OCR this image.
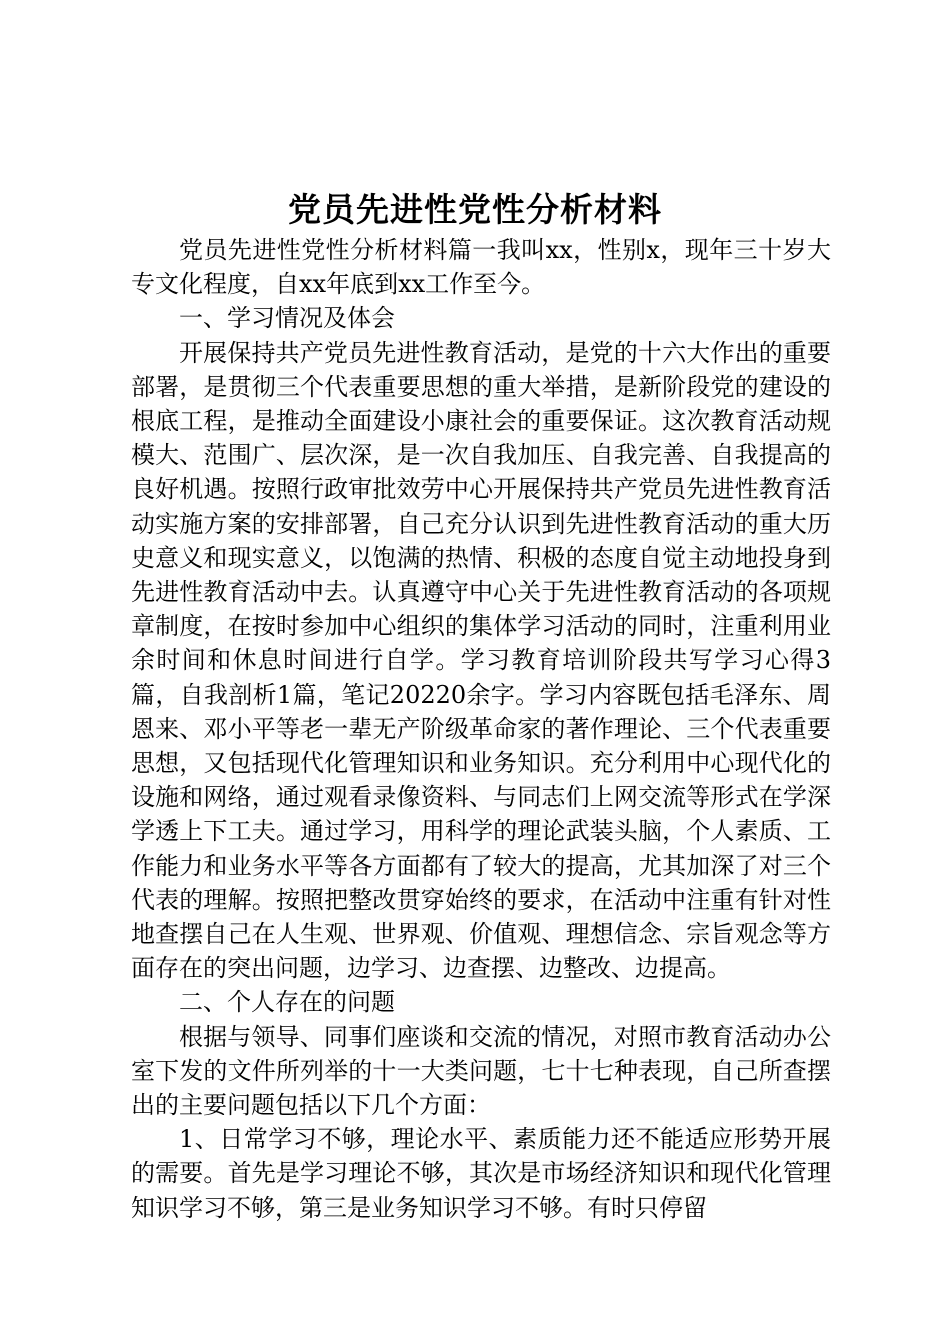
党员先进性党性分析材料

党员先进性党性分析材料篇一我叫xx，性别x，现年三十岁大专文化程度，自xx年底到xx工作至今。

一、学习情况及体会

开展保持共产党员先进性教育活动，是党的十六大作出的重要部署，是贯彻三个代表重要思想的重大举措，是新阶段党的建设的根底工程，是推动全面建设小康社会的重要保证。这次教育活动规模大、范围广、层次深，是一次自我加压、自我完善、自我提高的良好机遇。按照行政审批效劳中心开展保持共产党员先进性教育活动实施方案的安排部署，自己充分认识到先进性教育活动的重大历史意义和现实意义，以饱满的热情、积极的态度自觉主动地投身到先进性教育活动中去。认真遵守中心关于先进性教育活动的各项规章制度，在按时参加中心组织的集体学习活动的同时，注重利用业余时间和休息时间进行自学。学习教育培训阶段共写学习心得3篇，自我剖析1篇，笔记20220余字。学习内容既包括毛泽东、周恩来、邓小平等老一辈无产阶级革命家的著作理论、三个代表重要思想，又包括现代化管理知识和业务知识。充分利用中心现代化的设施和网络，通过观看录像资料、与同志们上网交流等形式在学深学透上下工夫。通过学习，用科学的理论武装头脑，个人素质、工作能力和业务水平等各方面都有了较大的提高，尤其加深了对三个代表的理解。按照把整改贯穿始终的要求，在活动中注重有针对性地查摆自己在人生观、世界观、价值观、理想信念、宗旨观念等方面存在的突出问题，边学习、边查摆、边整改、边提高。

二、个人存在的问题

根据与领导、同事们座谈和交流的情况，对照市教育活动办公室下发的文件所列举的十一大类问题，七十七种表现，自己所查摆出的主要问题包括以下几个方面：

1、日常学习不够，理论水平、素质能力还不能适应形势开展的需要。首先是学习理论不够，其次是市场经济知识和现代化管理知识学习不够，第三是业务知识学习不够。有时只停留
